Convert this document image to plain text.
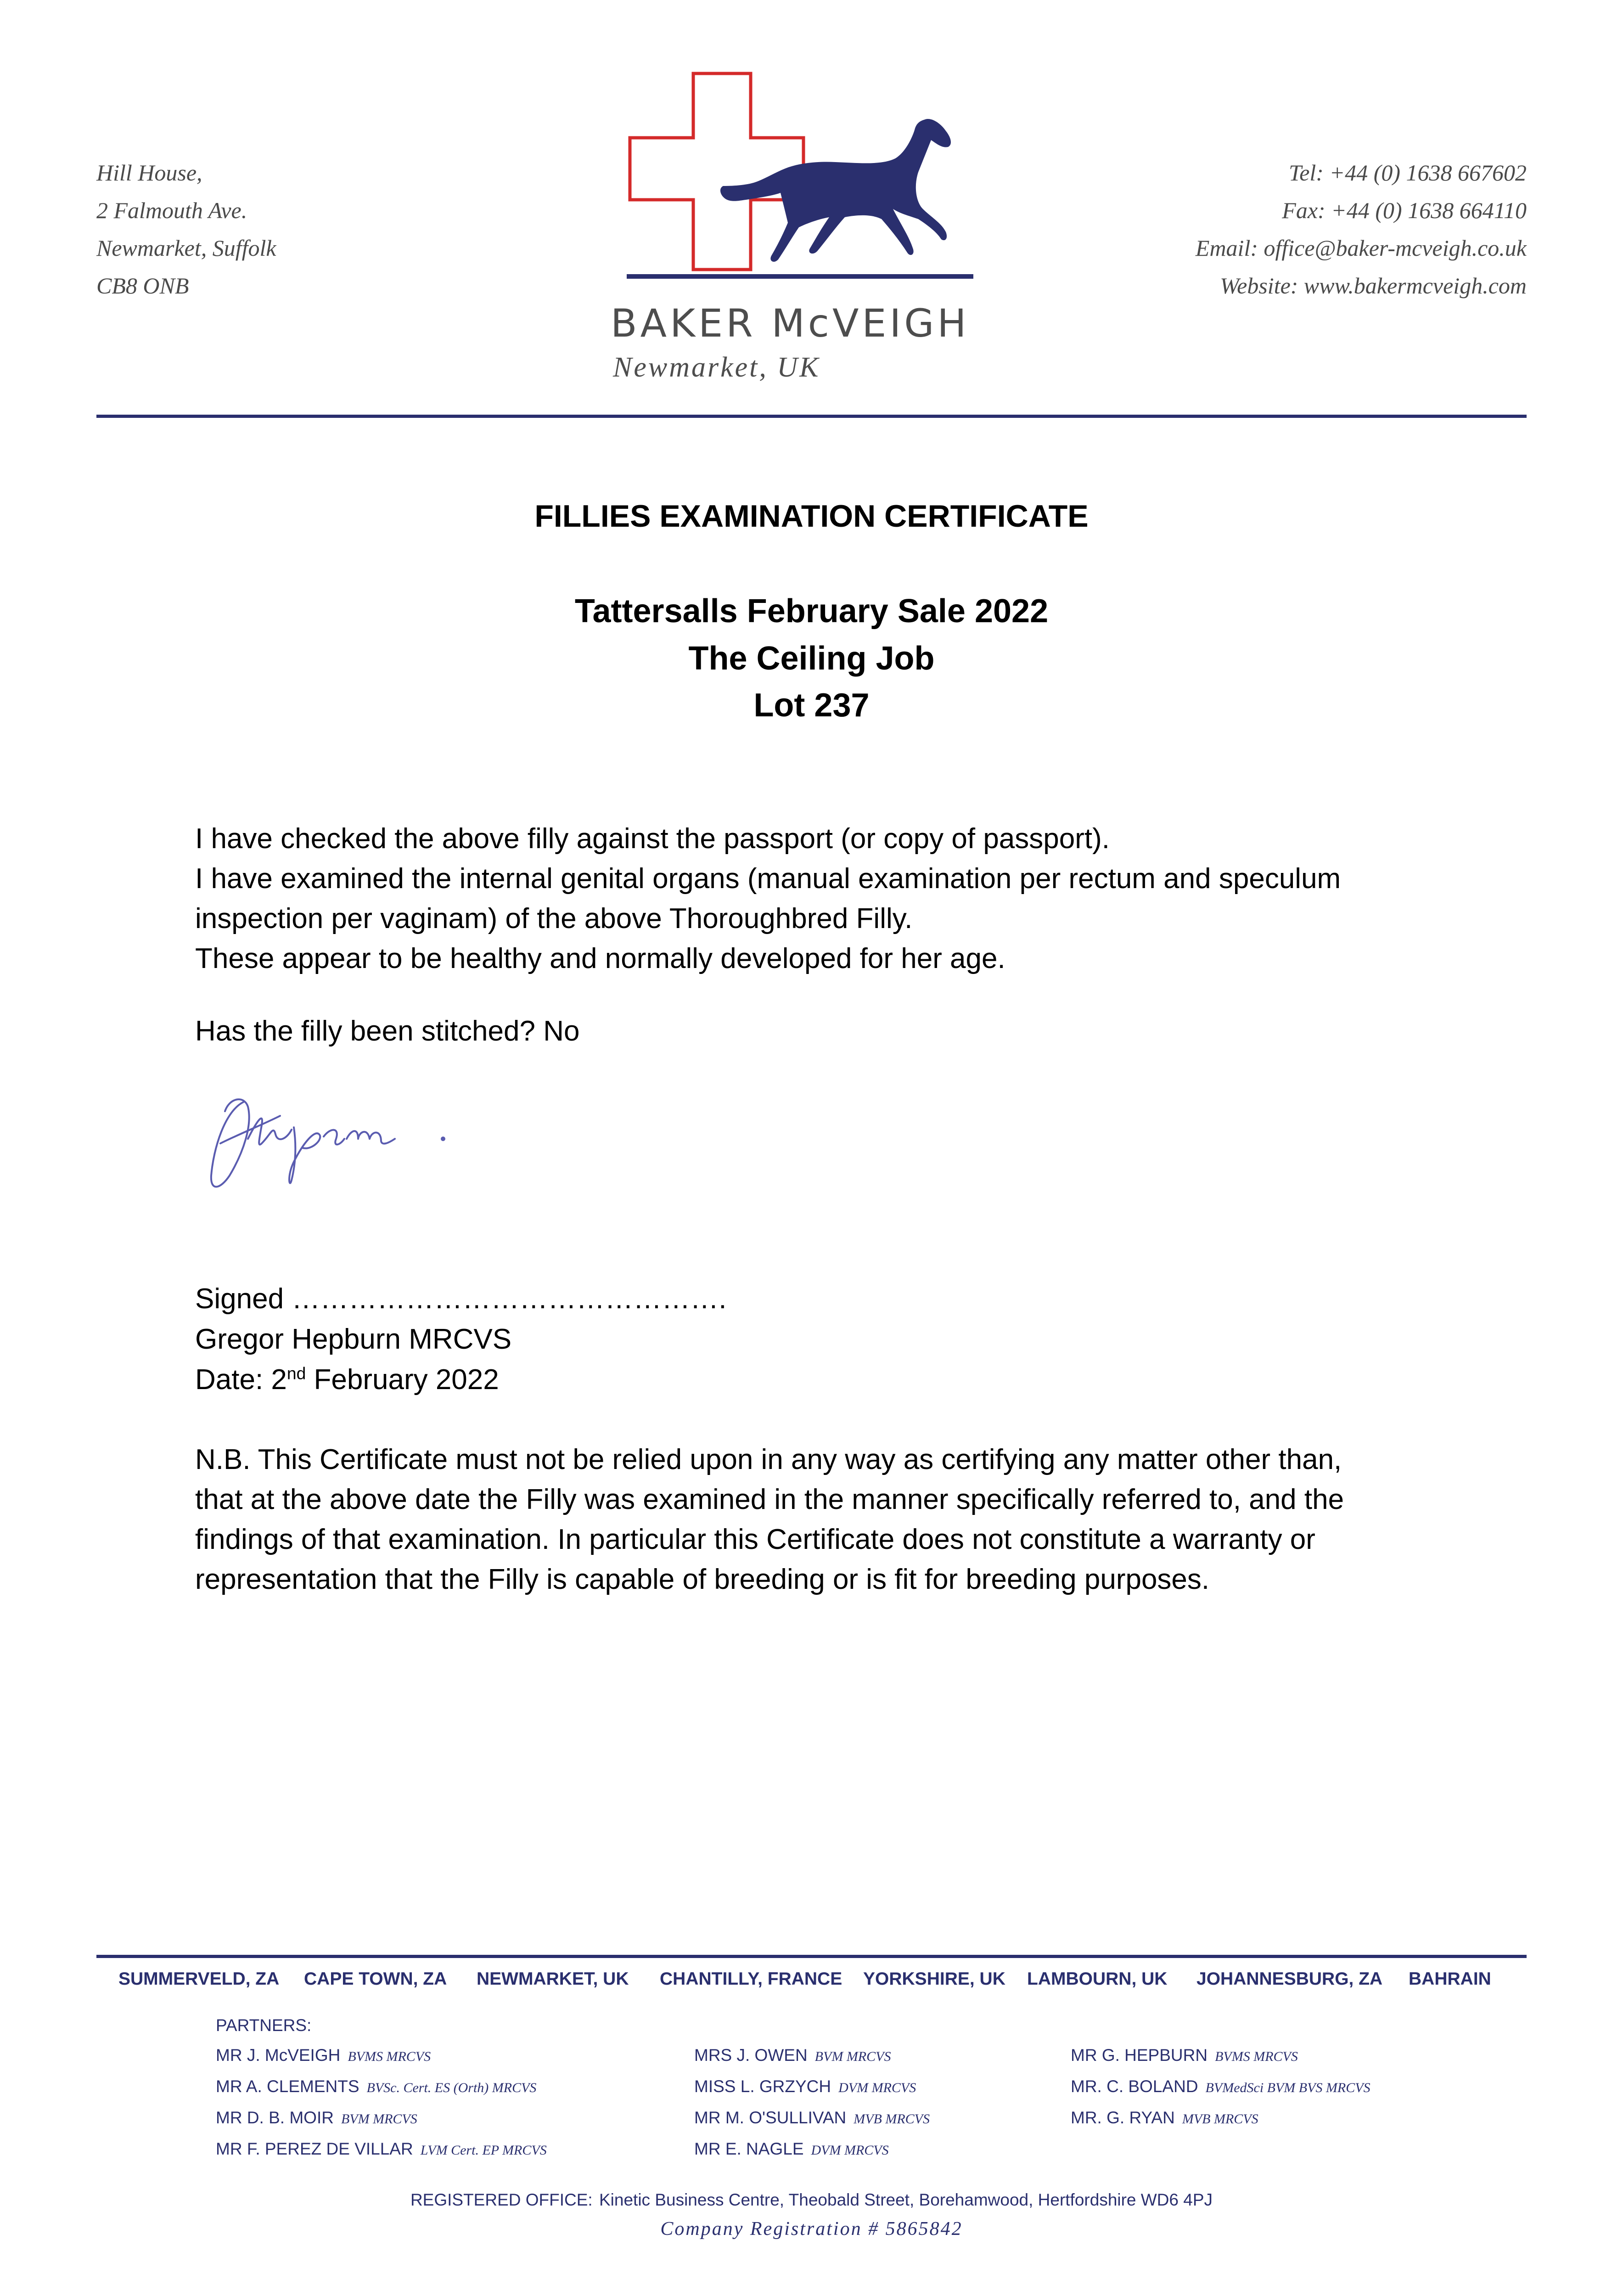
Hill House,
2 Falmouth Ave.
Newmarket, Suffolk
CB8 ONB
Tel: +44 (0) 1638 667602
Fax: +44 (0) 1638 664110
Email: office@baker-mcveigh.co.uk
Website: www.bakermcveigh.com
BAKER McVEIGH
Newmarket, UK
FILLIES EXAMINATION CERTIFICATE
Tattersalls February Sale 2022
The Ceiling Job
Lot 237
I have checked the above filly against the passport (or copy of passport).
I have examined the internal genital organs (manual examination per rectum and speculum
inspection per vaginam) of the above Thoroughbred Filly.
These appear to be healthy and normally developed for her age.
Has the filly been stitched? No
Signed ……………………………………….
Gregor Hepburn MRCVS
Date: 2nd February 2022
N.B. This Certificate must not be relied upon in any way as certifying any matter other than,
that at the above date the Filly was examined in the manner specifically referred to, and the
findings of that examination. In particular this Certificate does not constitute a warranty or
representation that the Filly is capable of breeding or is fit for breeding purposes.
SUMMERVELD, ZA CAPE TOWN, ZA NEWMARKET, UK CHANTILLY, FRANCE YORKSHIRE, UK LAMBOURN, UK JOHANNESBURG, ZA BAHRAIN
PARTNERS:
MR J. McVEIGH BVMS MRCVS
MR A. CLEMENTS BVSc. Cert. ES (Orth) MRCVS
MR D. B. MOIR BVM MRCVS
MR F. PEREZ DE VILLAR LVM Cert. EP MRCVS
MRS J. OWEN BVM MRCVS
MISS L. GRZYCH DVM MRCVS
MR M. O'SULLIVAN MVB MRCVS
MR E. NAGLE DVM MRCVS
MR G. HEPBURN BVMS MRCVS
MR. C. BOLAND BVMedSci BVM BVS MRCVS
MR. G. RYAN MVB MRCVS
REGISTERED OFFICE: Kinetic Business Centre, Theobald Street, Borehamwood, Hertfordshire WD6 4PJ
Company Registration # 5865842
